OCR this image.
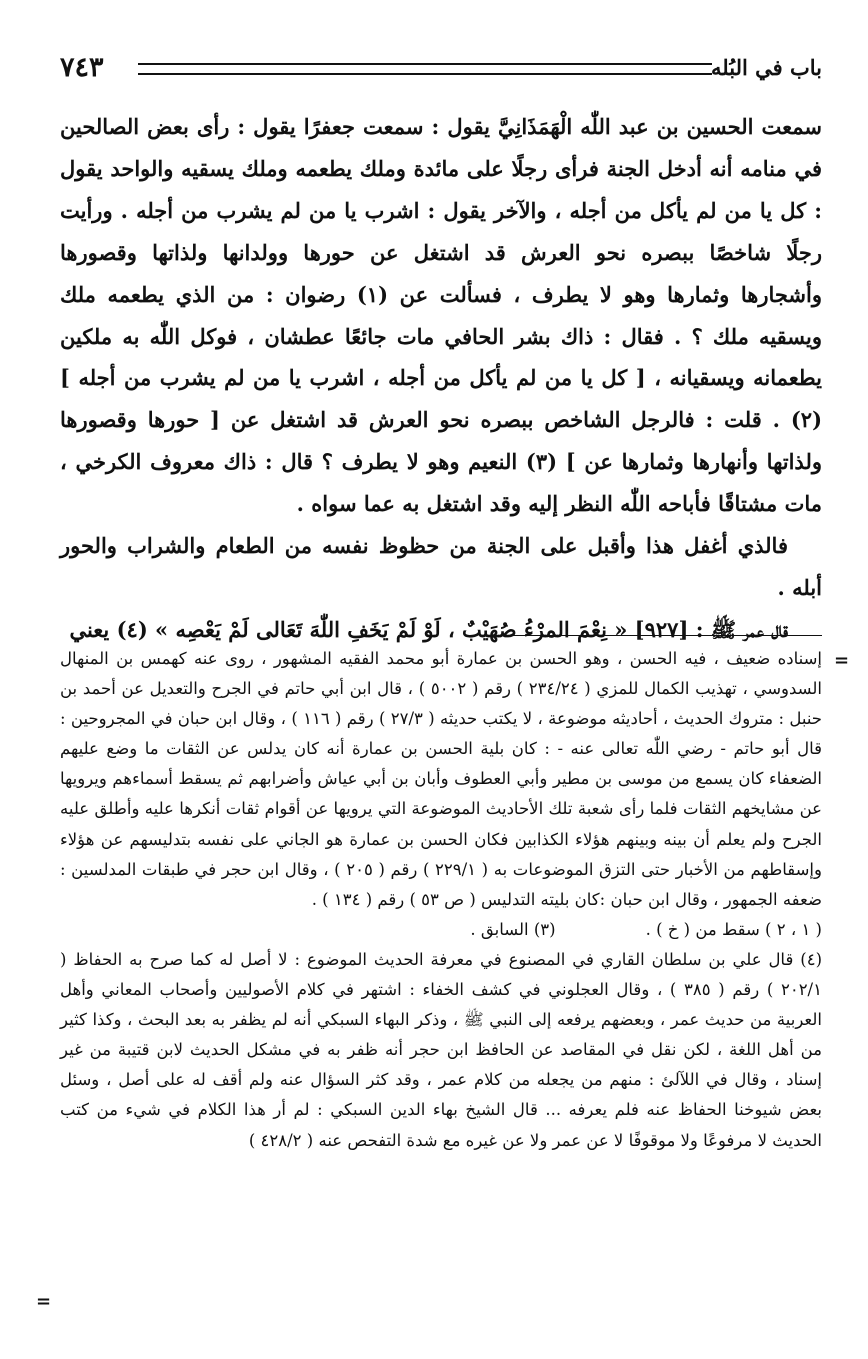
٧٤٣	باب في البُله

سمعت الحسين بن عبد اللّٰه الْهَمَذَانِيَّ يقول : سمعت جعفرًا يقول : رأى بعض الصالحين في منامه أنه أدخل الجنة فرأى رجلًا على مائدة وملك يطعمه وملك يسقيه والواحد يقول : كل يا من لم يأكل من أجله ، والآخر يقول : اشرب يا من لم يشرب من أجله . ورأيت رجلًا شاخصًا ببصره نحو العرش قد اشتغل عن حورها وولدانها ولذاتها وقصورها وأشجارها وثمارها وهو لا يطرف ، فسألت عن (١) رضوان : من الذي يطعمه ملك ويسقيه ملك ؟ . فقال : ذاك بشر الحافي مات جائعًا عطشان ، فوكل اللّٰه به ملكين يطعمانه ويسقيانه ، [ كل يا من لم يأكل من أجله ، اشرب يا من لم يشرب من أجله ] (٢) . قلت : فالرجل الشاخص ببصره نحو العرش قد اشتغل عن [ حورها وقصورها ولذاتها وأنهارها وثمارها عن ] (٣) النعيم وهو لا يطرف ؟ قال : ذاك معروف الكرخي ، مات مشتاقًا فأباحه اللّٰه النظر إليه وقد اشتغل به عما سواه .

فالذي أغفل هذا وأقبل على الجنة من حظوظ نفسه من الطعام والشراب والحور أبله .

قال عمر ﷺ : [٩٢٧] « نِعْمَ المرْءُ صُهَيْبٌ ، لَوْ لَمْ يَخَفِ اللّٰهَ تَعَالى لَمْ يَعْصِه » (٤) يعني

=

إسناده ضعيف ، فيه الحسن ، وهو الحسن بن عمارة أبو محمد الفقيه المشهور ، روى عنه كهمس بن المنهال السدوسي ، تهذيب الكمال للمزي ( ٢٣٤/٢٤ ) رقم ( ٥٠٠٢ ) ، قال ابن أبي حاتم في الجرح والتعديل عن أحمد بن حنبل : متروك الحديث ، أحاديثه موضوعة ، لا يكتب حديثه ( ٢٧/٣ ) رقم ( ١١٦ ) ، وقال ابن حبان في المجروحين : قال أبو حاتم - رضي اللّٰه تعالى عنه - : كان بلية الحسن بن عمارة أنه كان يدلس عن الثقات ما وضع عليهم الضعفاء كان يسمع من موسى بن مطير وأبي العطوف وأبان بن أبي عياش وأضرابهم ثم يسقط أسماءهم ويرويها عن مشايخهم الثقات فلما رأى شعبة تلك الأحاديث الموضوعة التي يرويها عن أقوام ثقات أنكرها عليه وأطلق عليه الجرح ولم يعلم أن بينه وبينهم هؤلاء الكذابين فكان الحسن بن عمارة هو الجاني على نفسه بتدليسهم عن هؤلاء وإسقاطهم من الأخبار حتى التزق الموضوعات به ( ٢٢٩/١ ) رقم ( ٢٠٥ ) ، وقال ابن حجر في طبقات المدلسين : ضعفه الجمهور ، وقال ابن حبان :كان بليته التدليس ( ص ٥٣ ) رقم ( ١٣٤ ) .

( ١ ، ٢ ) سقط من ( خ ) .
(٣) السابق .

(٤) قال علي بن سلطان القاري في المصنوع في معرفة الحديث الموضوع : لا أصل له كما صرح به الحفاظ ( ٢٠٢/١ ) رقم ( ٣٨٥ ) ، وقال العجلوني في كشف الخفاء : اشتهر في كلام الأصوليين وأصحاب المعاني وأهل العربية من حديث عمر ، وبعضهم يرفعه إلى النبي ﷺ ، وذكر البهاء السبكي أنه لم يظفر به بعد البحث ، وكذا كثير من أهل اللغة ، لكن نقل في المقاصد عن الحافظ ابن حجر أنه ظفر به في مشكل الحديث لابن قتيبة من غير إسناد ، وقال في اللآلئ : منهم من يجعله من كلام عمر ، وقد كثر السؤال عنه ولم أقف له على أصل ، وسئل بعض شيوخنا الحفاظ عنه فلم يعرفه ... قال الشيخ بهاء الدين السبكي : لم أر هذا الكلام في شيء من كتب الحديث لا مرفوعًا ولا موقوفًا لا عن عمر ولا عن غيره مع شدة التفحص عنه ( ٤٢٨/٢ )

=
